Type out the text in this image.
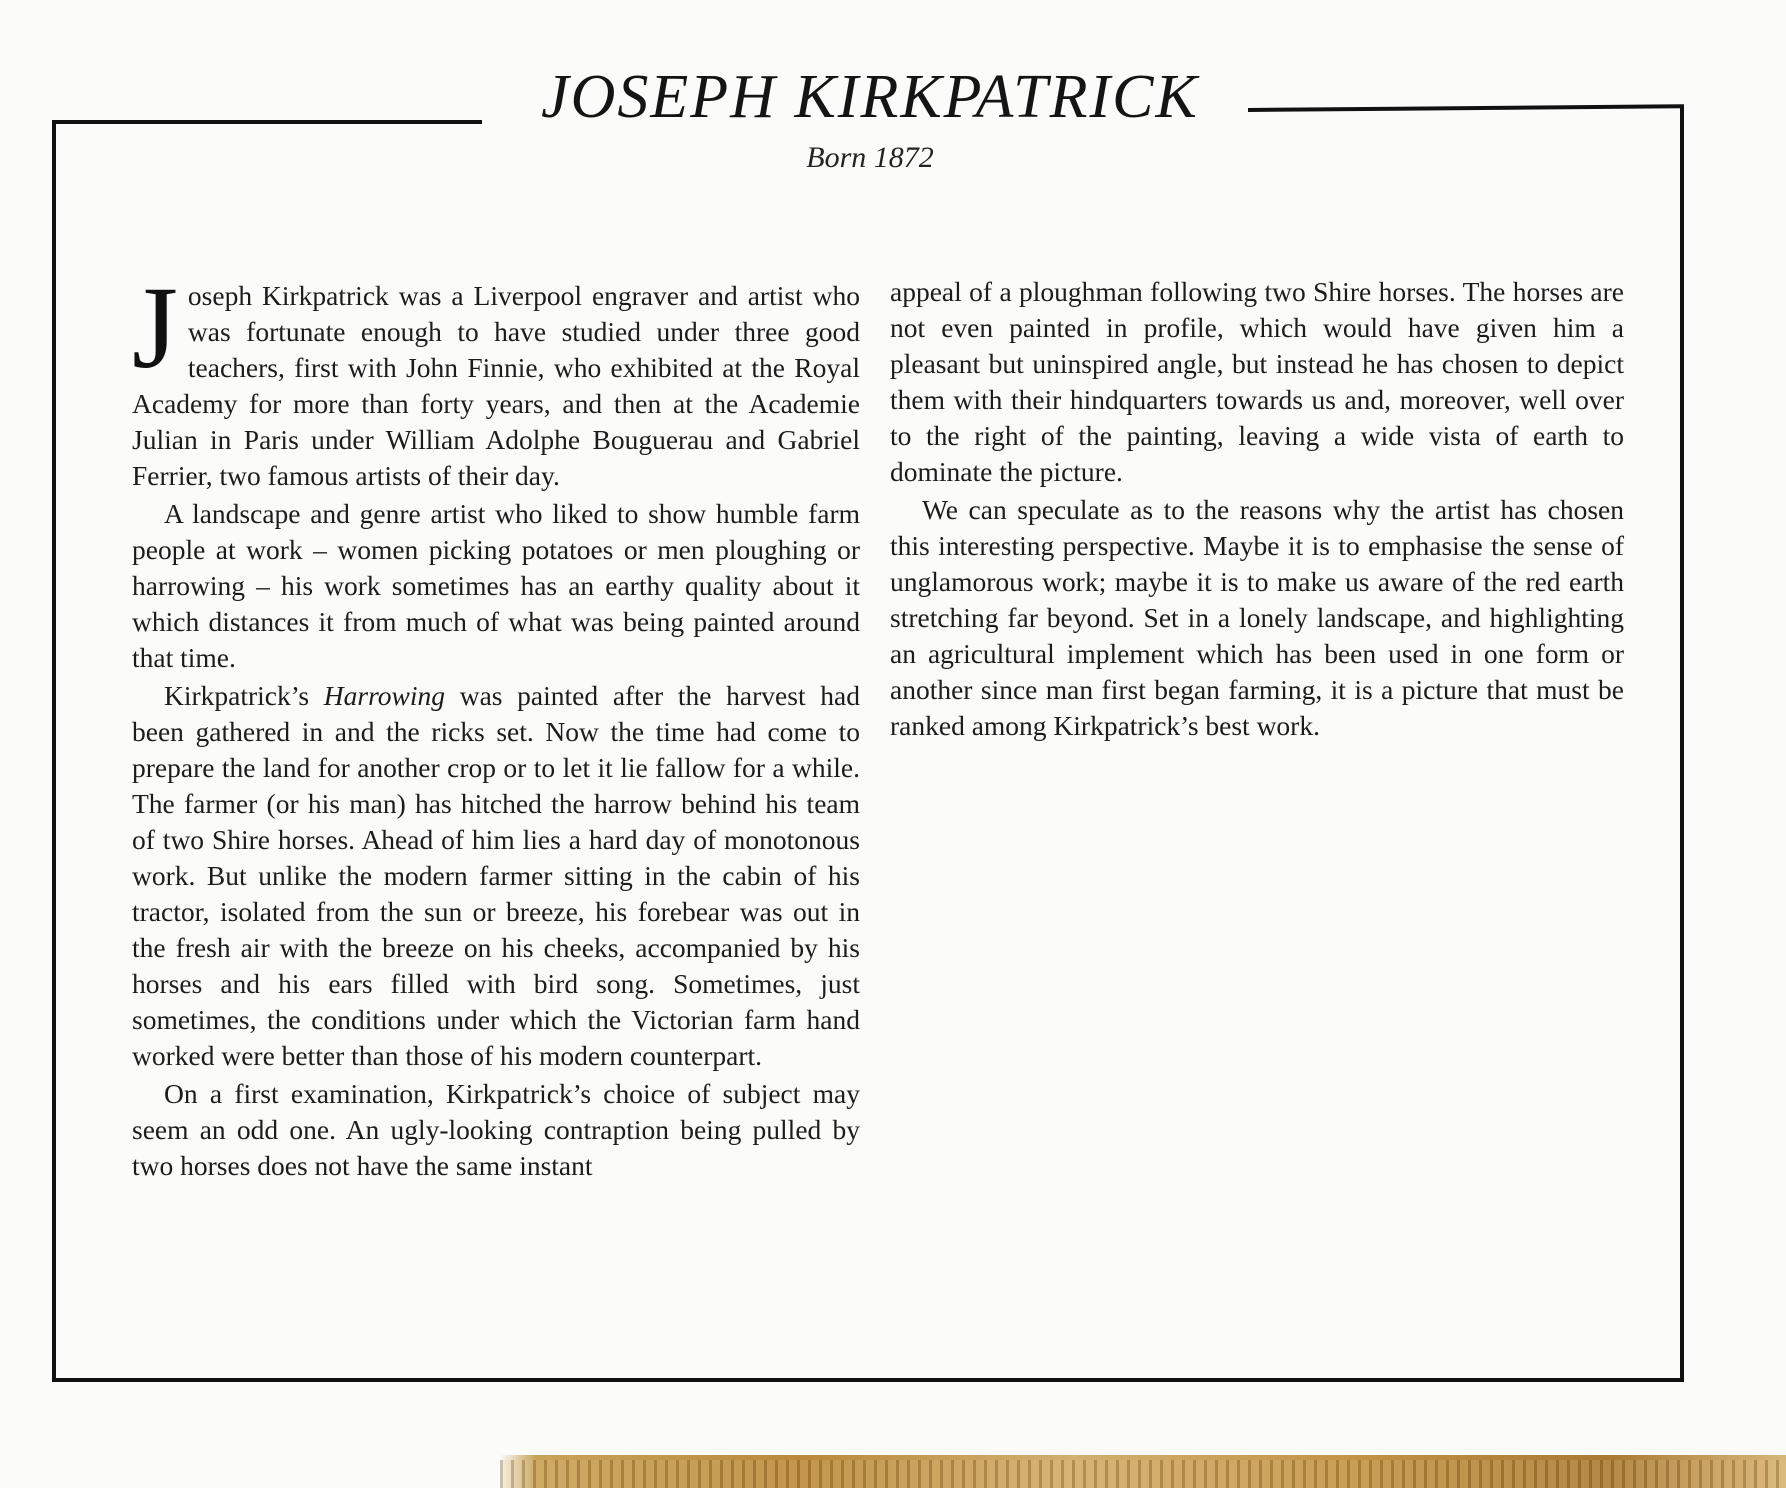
JOSEPH KIRKPATRICK
Born 1872

Joseph Kirkpatrick was a Liverpool engraver and artist who was fortunate enough to have studied under three good teachers, first with John Finnie, who exhibited at the Royal Academy for more than forty years, and then at the Academie Julian in Paris under William Adolphe Bouguerau and Gabriel Ferrier, two famous artists of their day.

A landscape and genre artist who liked to show humble farm people at work – women picking potatoes or men ploughing or harrowing – his work sometimes has an earthy quality about it which distances it from much of what was being painted around that time.

Kirkpatrick’s Harrowing was painted after the harvest had been gathered in and the ricks set. Now the time had come to prepare the land for another crop or to let it lie fallow for a while. The farmer (or his man) has hitched the harrow behind his team of two Shire horses. Ahead of him lies a hard day of monotonous work. But unlike the modern farmer sitting in the cabin of his tractor, isolated from the sun or breeze, his forebear was out in the fresh air with the breeze on his cheeks, accompanied by his horses and his ears filled with bird song. Sometimes, just sometimes, the conditions under which the Victorian farm hand worked were better than those of his modern counterpart.

On a first examination, Kirkpatrick’s choice of subject may seem an odd one. An ugly-looking contraption being pulled by two horses does not have the same instant

appeal of a ploughman following two Shire horses. The horses are not even painted in profile, which would have given him a pleasant but uninspired angle, but instead he has chosen to depict them with their hindquarters towards us and, moreover, well over to the right of the painting, leaving a wide vista of earth to dominate the picture.

We can speculate as to the reasons why the artist has chosen this interesting perspective. Maybe it is to emphasise the sense of unglamorous work; maybe it is to make us aware of the red earth stretching far beyond. Set in a lonely landscape, and highlighting an agricultural implement which has been used in one form or another since man first began farming, it is a picture that must be ranked among Kirkpatrick’s best work.
